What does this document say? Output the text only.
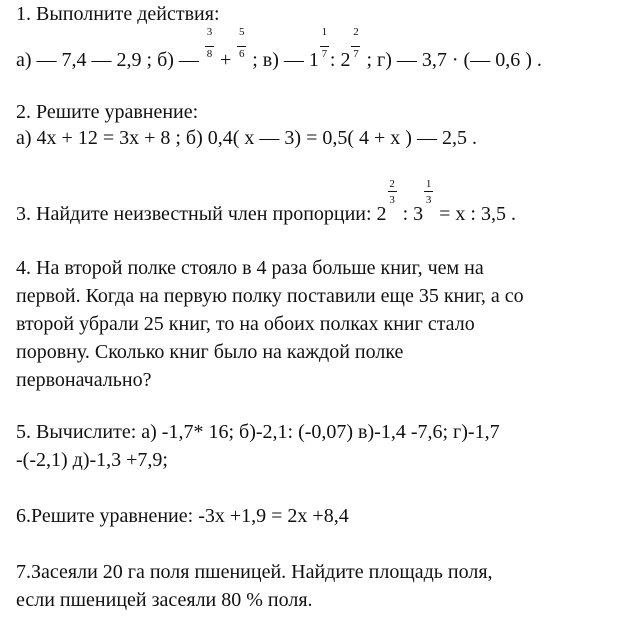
1. Выполните действия:
а) — 7,4 — 2,9 ; б) — $\frac{3}{8} + \frac{5}{6}$ ; в) — $1 \frac{1}{7}$ : $2 \frac{2}{7}$ ; г) — 3,7 · (— 0,6 ) .
2. Решите уравнение:
а) 4x + 12 = 3x + 8 ; б) 0,4( x — 3) = 0,5( 4 + x ) — 2,5 .
3. Найдите неизвестный член пропорции: $2 \frac{2}{3}$ : $3 \frac{1}{3} = x$ : 3,5 .
4. На второй полке стояло в 4 раза больше книг, чем на
первой. Когда на первую полку поставили еще 35 книг, а со
второй убрали 25 книг, то на обоих полках книг стало
поровну. Сколько книг было на каждой полке
первоначально?
5. Вычислите: а) -1,7* 16; б)-2,1: (-0,07) в)-1,4 -7,6; г)-1,7
-(-2,1) д)-1,3 +7,9;
6.Решите уравнение: -3x +1,9 = 2x +8,4
7.Засеяли 20 га поля пшеницей. Найдите площадь поля,
если пшеницей засеяли 80 % поля.
